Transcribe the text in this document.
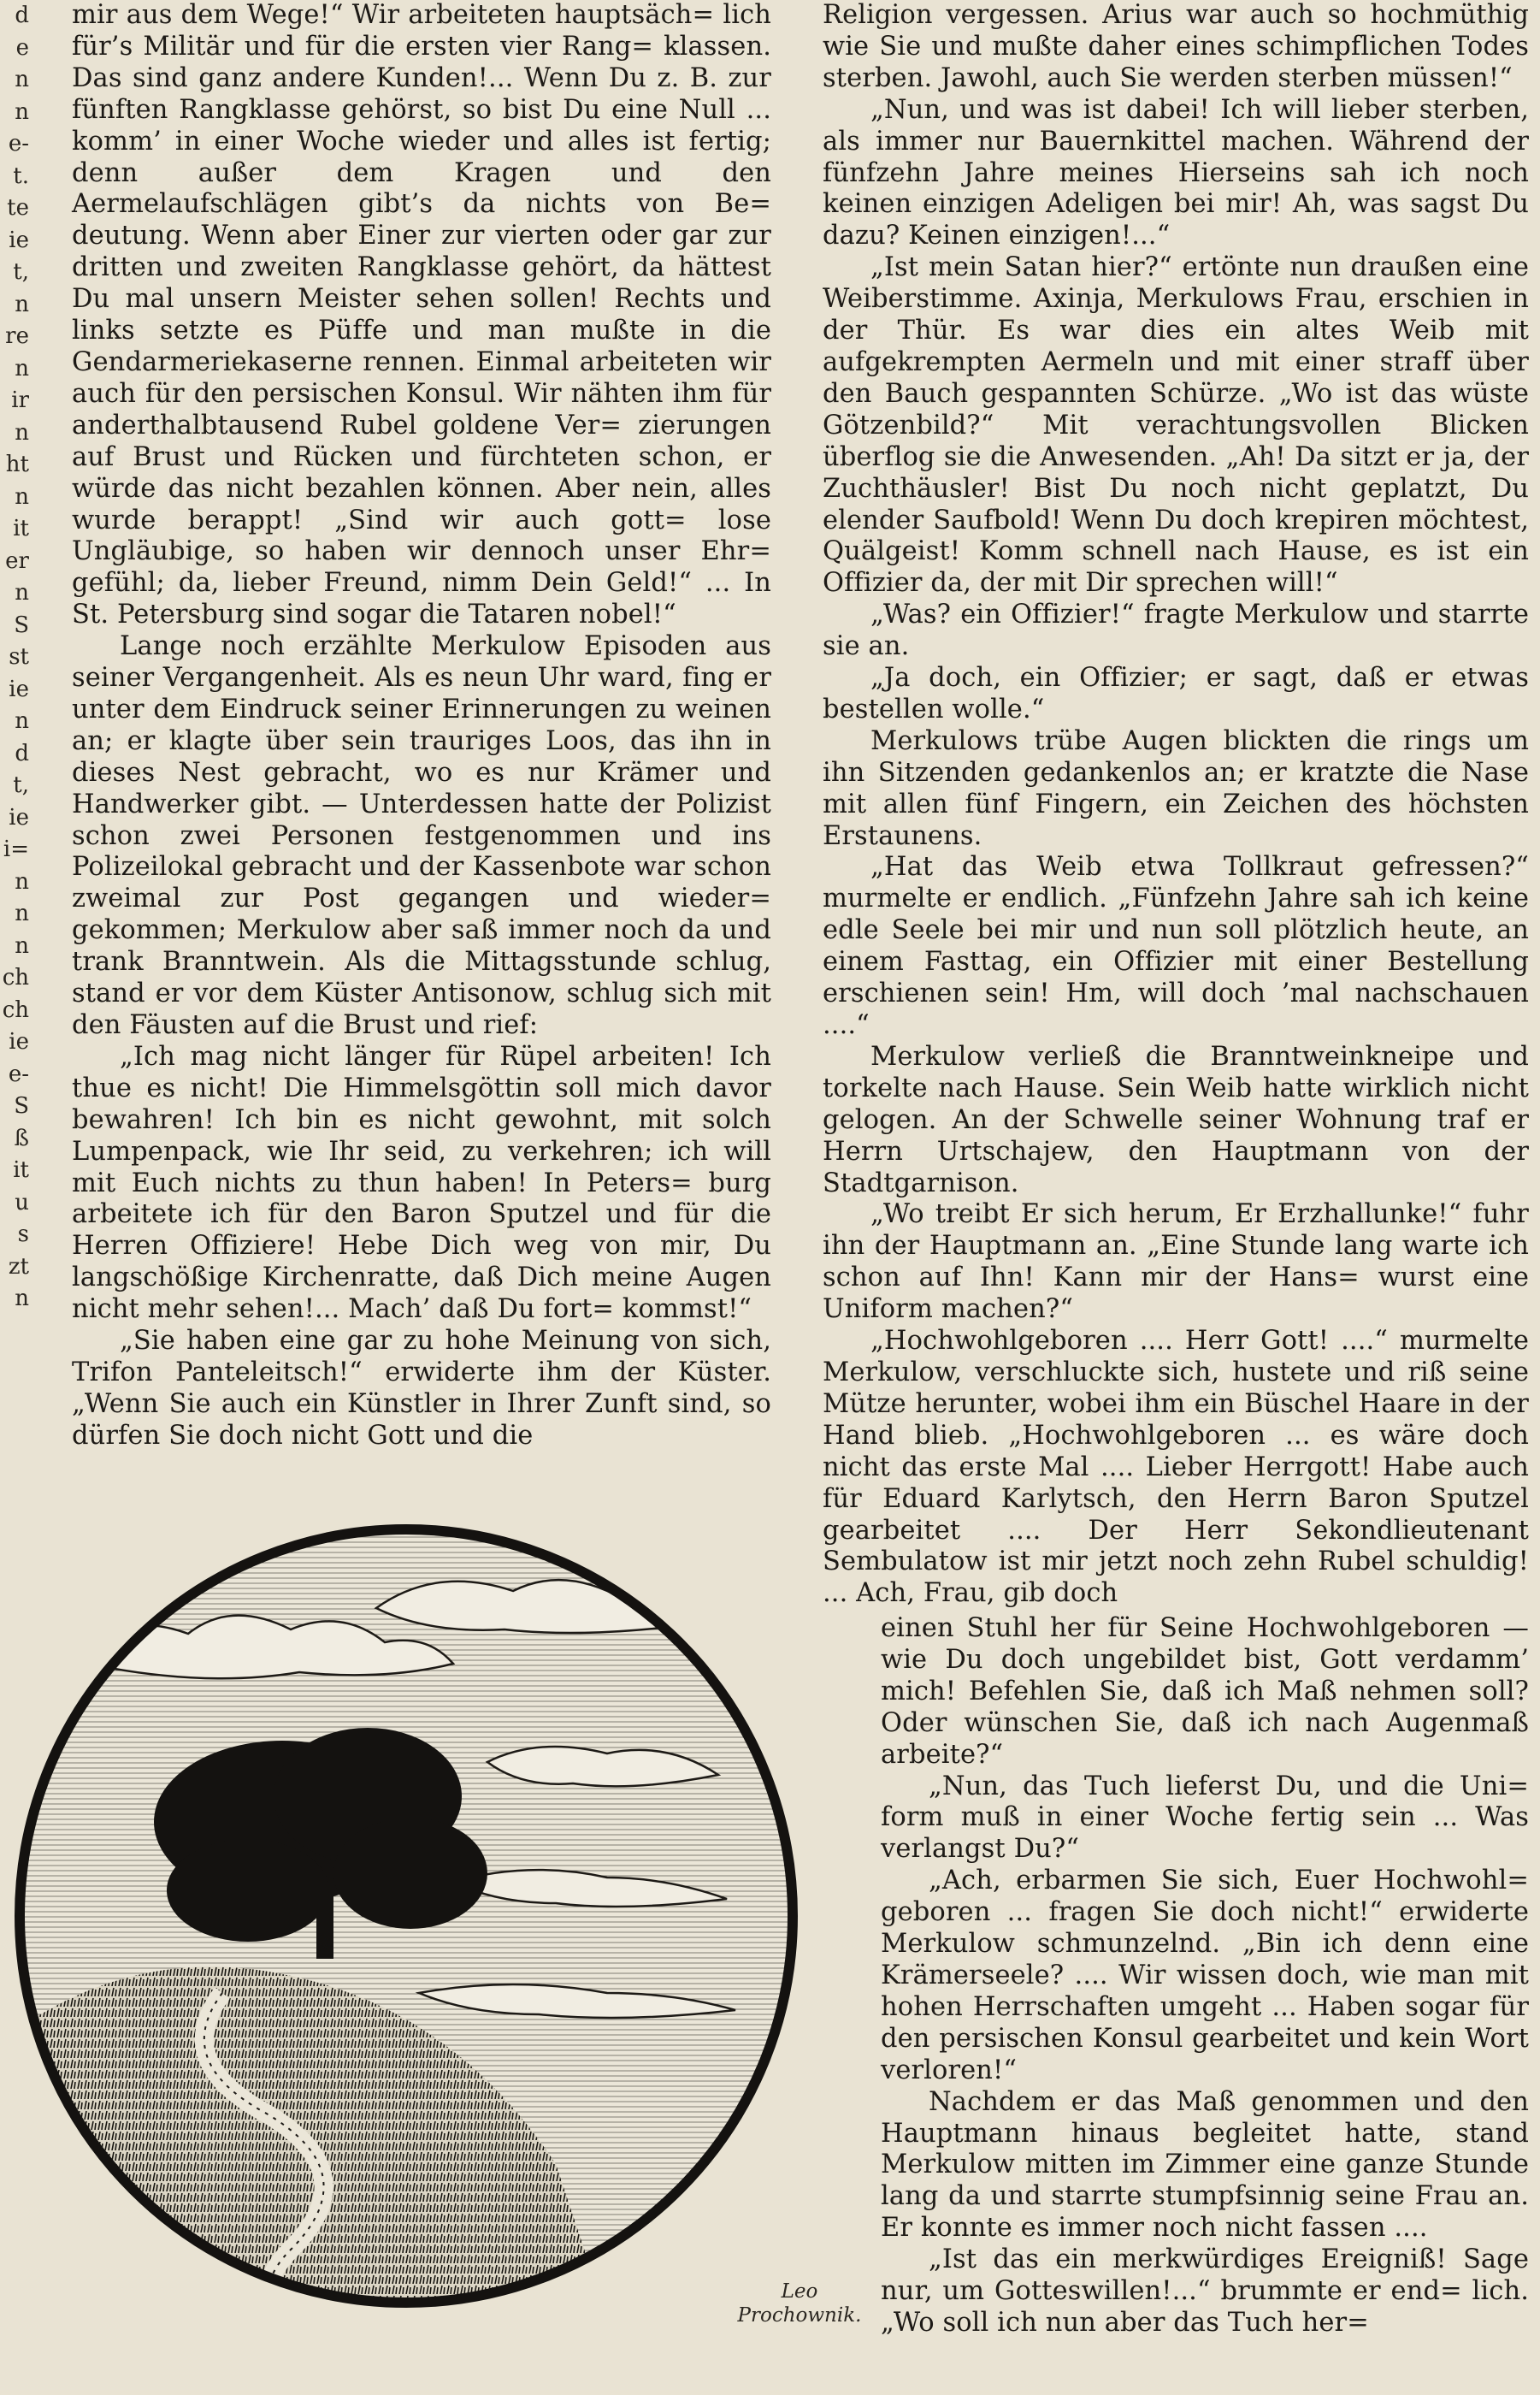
d
e
n
n
e-
t.
te
ie
t,
n
re
n
ir
n
ht
n
it
er
n
S
st
ie
n
d
t,
ie
i=
n
n
n
ch
ch
ie
e-
S
ß
it
u
s
zt
n

mir aus dem Wege!“ Wir arbeiteten hauptsäch= lich für’s Militär und für die ersten vier Rang= klassen. Das sind ganz andere Kunden!... Wenn Du z. B. zur fünften Rangklasse gehörst, so bist Du eine Null ... komm’ in einer Woche wieder und alles ist fertig; denn außer dem Kragen und den Aermelaufschlägen gibt’s da nichts von Be= deutung. Wenn aber Einer zur vierten oder gar zur dritten und zweiten Rangklasse gehört, da hättest Du mal unsern Meister sehen sollen! Rechts und links setzte es Püffe und man mußte in die Gendarmeriekaserne rennen. Einmal arbeiteten wir auch für den persischen Konsul. Wir nähten ihm für anderthalbtausend Rubel goldene Ver= zierungen auf Brust und Rücken und fürchteten schon, er würde das nicht bezahlen können. Aber nein, alles wurde berappt! „Sind wir auch gott= lose Ungläubige, so haben wir dennoch unser Ehr= gefühl; da, lieber Freund, nimm Dein Geld!“ ... In St. Petersburg sind sogar die Tataren nobel!“

Lange noch erzählte Merkulow Episoden aus seiner Vergangenheit. Als es neun Uhr ward, fing er unter dem Eindruck seiner Erinnerungen zu weinen an; er klagte über sein trauriges Loos, das ihn in dieses Nest gebracht, wo es nur Krämer und Handwerker gibt. — Unterdessen hatte der Polizist schon zwei Personen festgenommen und ins Polizeilokal gebracht und der Kassenbote war schon zweimal zur Post gegangen und wieder= gekommen; Merkulow aber saß immer noch da und trank Branntwein. Als die Mittagsstunde schlug, stand er vor dem Küster Antisonow, schlug sich mit den Fäusten auf die Brust und rief:

„Ich mag nicht länger für Rüpel arbeiten! Ich thue es nicht! Die Himmelsgöttin soll mich davor bewahren! Ich bin es nicht gewohnt, mit solch Lumpenpack, wie Ihr seid, zu verkehren; ich will mit Euch nichts zu thun haben! In Peters= burg arbeitete ich für den Baron Sputzel und für die Herren Offiziere! Hebe Dich weg von mir, Du langschößige Kirchenratte, daß Dich meine Augen nicht mehr sehen!... Mach’ daß Du fort= kommst!“

„Sie haben eine gar zu hohe Meinung von sich, Trifon Panteleitsch!“ erwiderte ihm der Küster. „Wenn Sie auch ein Künstler in Ihrer Zunft sind, so dürfen Sie doch nicht Gott und die

Religion vergessen. Arius war auch so hochmüthig wie Sie und mußte daher eines schimpflichen Todes sterben. Jawohl, auch Sie werden sterben müssen!“

„Nun, und was ist dabei! Ich will lieber sterben, als immer nur Bauernkittel machen. Während der fünfzehn Jahre meines Hierseins sah ich noch keinen einzigen Adeligen bei mir! Ah, was sagst Du dazu? Keinen einzigen!...“

„Ist mein Satan hier?“ ertönte nun draußen eine Weiberstimme. Axinja, Merkulows Frau, erschien in der Thür. Es war dies ein altes Weib mit aufgekrempten Aermeln und mit einer straff über den Bauch gespannten Schürze. „Wo ist das wüste Götzenbild?“ Mit verachtungsvollen Blicken überflog sie die Anwesenden. „Ah! Da sitzt er ja, der Zuchthäusler! Bist Du noch nicht geplatzt, Du elender Saufbold! Wenn Du doch krepiren möchtest, Quälgeist! Komm schnell nach Hause, es ist ein Offizier da, der mit Dir sprechen will!“

„Was? ein Offizier!“ fragte Merkulow und starrte sie an.

„Ja doch, ein Offizier; er sagt, daß er etwas bestellen wolle.“

Merkulows trübe Augen blickten die rings um ihn Sitzenden gedankenlos an; er kratzte die Nase mit allen fünf Fingern, ein Zeichen des höchsten Erstaunens.

„Hat das Weib etwa Tollkraut gefressen?“ murmelte er endlich. „Fünfzehn Jahre sah ich keine edle Seele bei mir und nun soll plötzlich heute, an einem Fasttag, ein Offizier mit einer Bestellung erschienen sein! Hm, will doch ’mal nachschauen ....“

Merkulow verließ die Branntweinkneipe und torkelte nach Hause. Sein Weib hatte wirklich nicht gelogen. An der Schwelle seiner Wohnung traf er Herrn Urtschajew, den Hauptmann von der Stadtgarnison.

„Wo treibt Er sich herum, Er Erzhallunke!“ fuhr ihn der Hauptmann an. „Eine Stunde lang warte ich schon auf Ihn! Kann mir der Hans= wurst eine Uniform machen?“

„Hochwohlgeboren .... Herr Gott! ....“ murmelte Merkulow, verschluckte sich, hustete und riß seine Mütze herunter, wobei ihm ein Büschel Haare in der Hand blieb. „Hochwohlgeboren ... es wäre doch nicht das erste Mal .... Lieber Herrgott! Habe auch für Eduard Karlytsch, den Herrn Baron Sputzel gearbeitet .... Der Herr Sekondlieutenant Sembulatow ist mir jetzt noch zehn Rubel schuldig! ... Ach, Frau, gib doch

einen Stuhl her für Seine Hochwohlgeboren — wie Du doch ungebildet bist, Gott verdamm’ mich! Befehlen Sie, daß ich Maß nehmen soll? Oder wünschen Sie, daß ich nach Augenmaß arbeite?“

„Nun, das Tuch lieferst Du, und die Uni= form muß in einer Woche fertig sein ... Was verlangst Du?“

„Ach, erbarmen Sie sich, Euer Hochwohl= geboren ... fragen Sie doch nicht!“ erwiderte Merkulow schmunzelnd. „Bin ich denn eine Krämerseele? .... Wir wissen doch, wie man mit hohen Herrschaften umgeht ... Haben sogar für den persischen Konsul gearbeitet und kein Wort verloren!“

Nachdem er das Maß genommen und den Hauptmann hinaus begleitet hatte, stand Merkulow mitten im Zimmer eine ganze Stunde lang da und starrte stumpfsinnig seine Frau an. Er konnte es immer noch nicht fassen ....

„Ist das ein merkwürdiges Ereigniß! Sage nur, um Gotteswillen!...“ brummte er end= lich. „Wo soll ich nun aber das Tuch her=

Leo
Prochownik.
